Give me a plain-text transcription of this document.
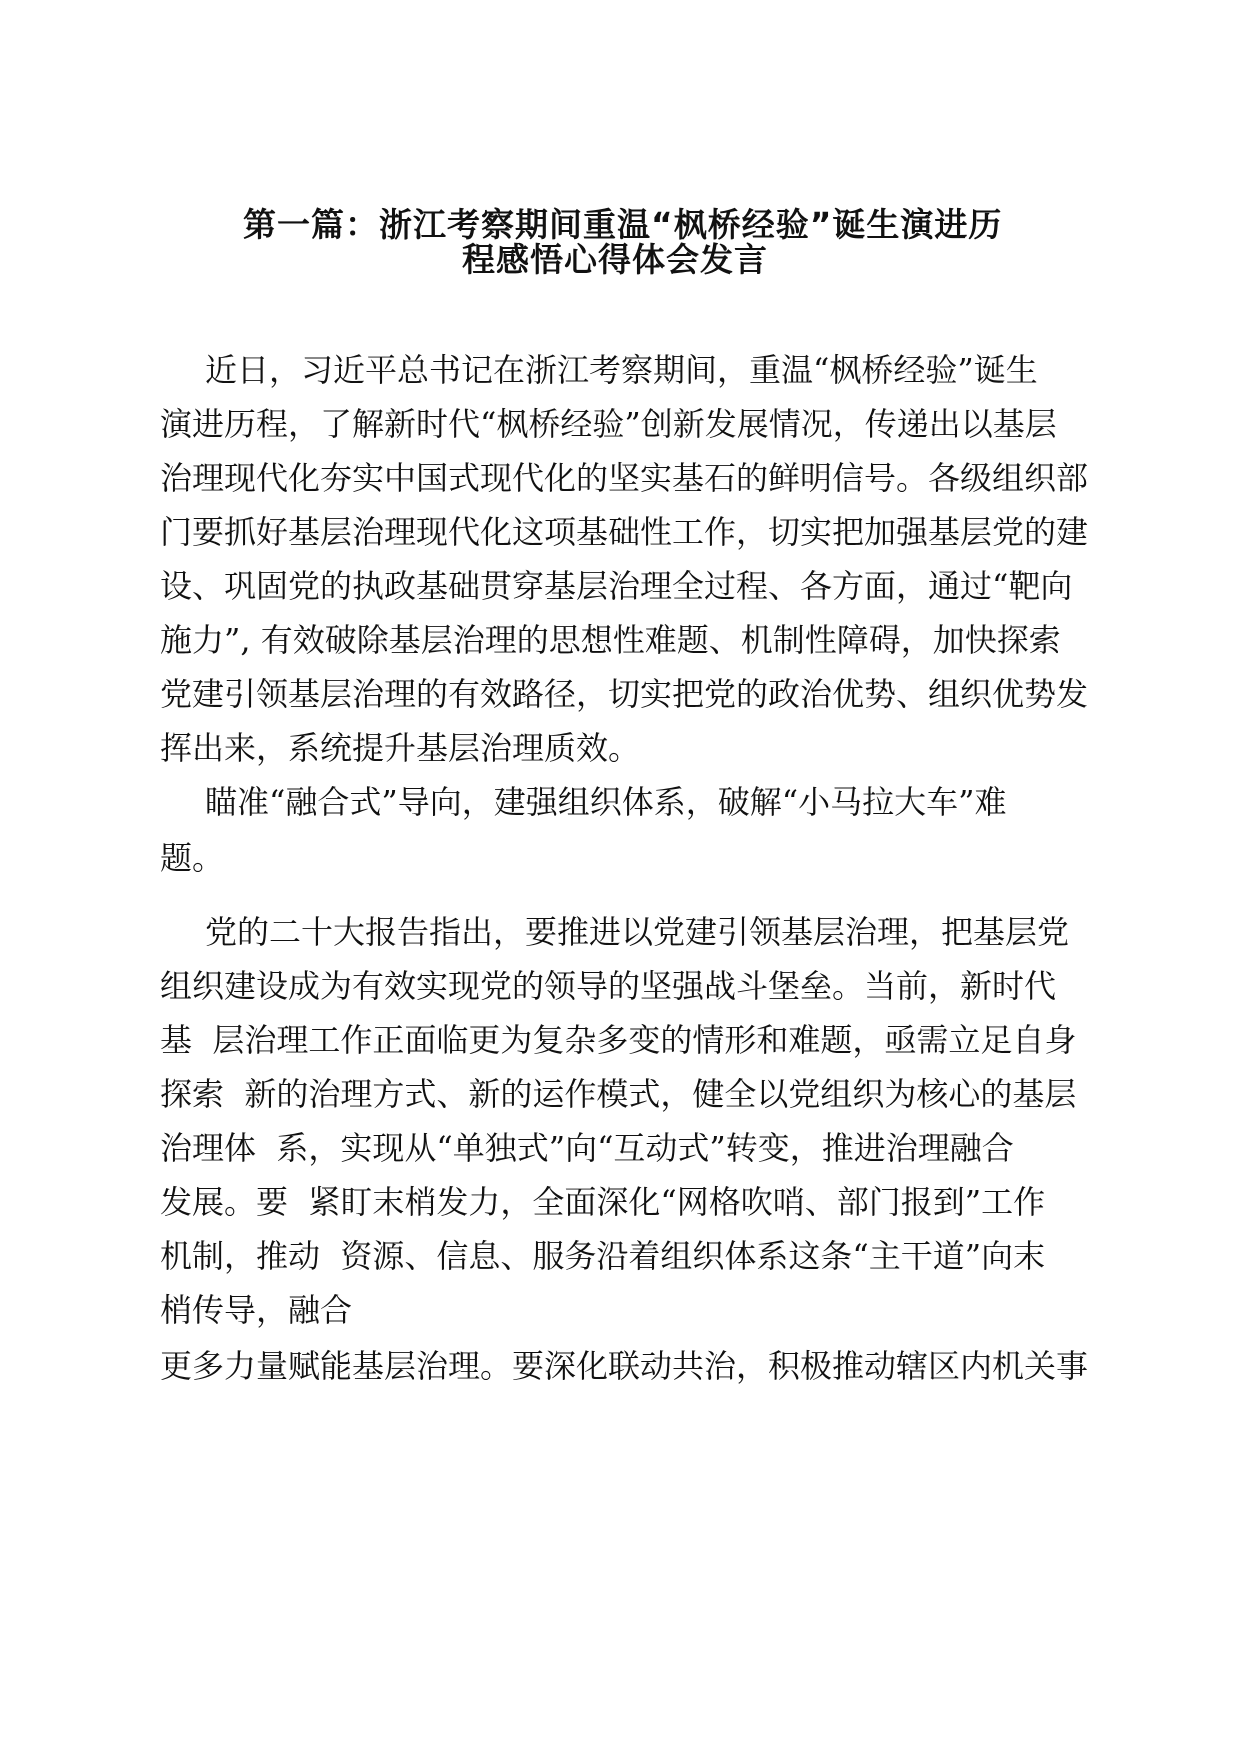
第一篇：浙江考察期间重温“枫桥经验”诞生演进历
程感悟心得体会发言

近日，习近平总书记在浙江考察期间，重温“枫桥经验”诞生

演进历程，了解新时代“枫桥经验”创新发展情况，传递出以基层

治理现代化夯实中国式现代化的坚实基石的鲜明信号。各级组织部

门要抓好基层治理现代化这项基础性工作，切实把加强基层党的建

设、巩固党的执政基础贯穿基层治理全过程、各方面，通过“靶向

施力”, 有效破除基层治理的思想性难题、机制性障碍，加快探索

党建引领基层治理的有效路径，切实把党的政治优势、组织优势发

挥出来，系统提升基层治理质效。

瞄准“融合式”导向，建强组织体系，破解“小马拉大车”难

题。

党的二十大报告指出，要推进以党建引领基层治理，把基层党

组织建设成为有效实现党的领导的坚强战斗堡垒。当前，新时代

基  层治理工作正面临更为复杂多变的情形和难题，亟需立足自身

探索  新的治理方式、新的运作模式，健全以党组织为核心的基层

治理体  系，实现从“单独式”向“互动式”转变，推进治理融合

发展。要  紧盯末梢发力，全面深化“网格吹哨、部门报到”工作

机制，推动  资源、信息、服务沿着组织体系这条“主干道”向末

梢传导，融合

更多力量赋能基层治理。要深化联动共治，积极推动辖区内机关事
